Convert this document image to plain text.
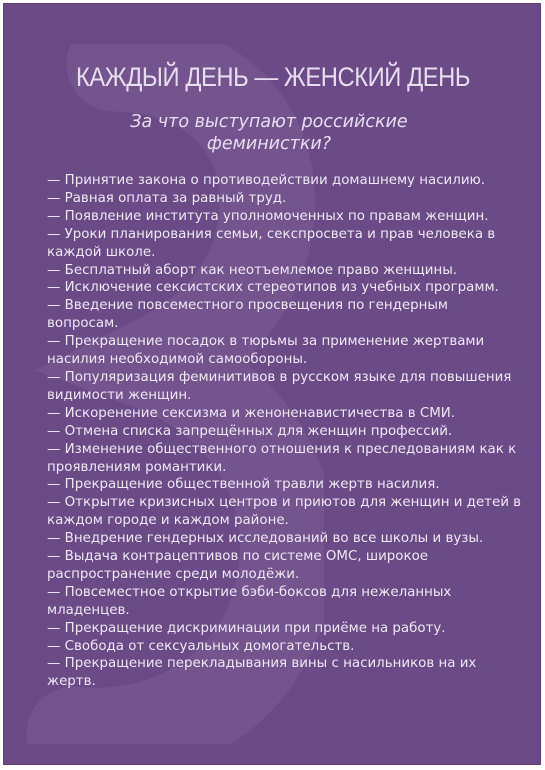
КАЖДЫЙ ДЕНЬ — ЖЕНСКИЙ ДЕНЬ
За что выступают российские феминистки?
— Принятие закона о противодействии домашнему насилию.
— Равная оплата за равный труд.
— Появление института уполномоченных по правам женщин.
— Уроки планирования семьи, секспросвета и прав человека в каждой школе.
— Бесплатный аборт как неотъемлемое право женщины.
— Исключение сексистских стереотипов из учебных программ.
— Введение повсеместного просвещения по гендерным вопросам.
— Прекращение посадок в тюрьмы за применение жертвами насилия необходимой самообороны.
— Популяризация феминитивов в русском языке для повышения видимости женщин.
— Искоренение сексизма и женоненавистичества в СМИ.
— Отмена списка запрещённых для женщин профессий.
— Изменение общественного отношения к преследованиям как к проявлениям романтики.
— Прекращение общественной травли жертв насилия.
— Открытие кризисных центров и приютов для женщин и детей в каждом городе и каждом районе.
— Внедрение гендерных исследований во все школы и вузы.
— Выдача контрацептивов по системе ОМС, широкое распространение среди молодёжи.
— Повсеместное открытие бэби-боксов для нежеланных младенцев.
— Прекращение дискриминации при приёме на работу.
— Свобода от сексуальных домогательств.
— Прекращение перекладывания вины с насильников на их жертв.
